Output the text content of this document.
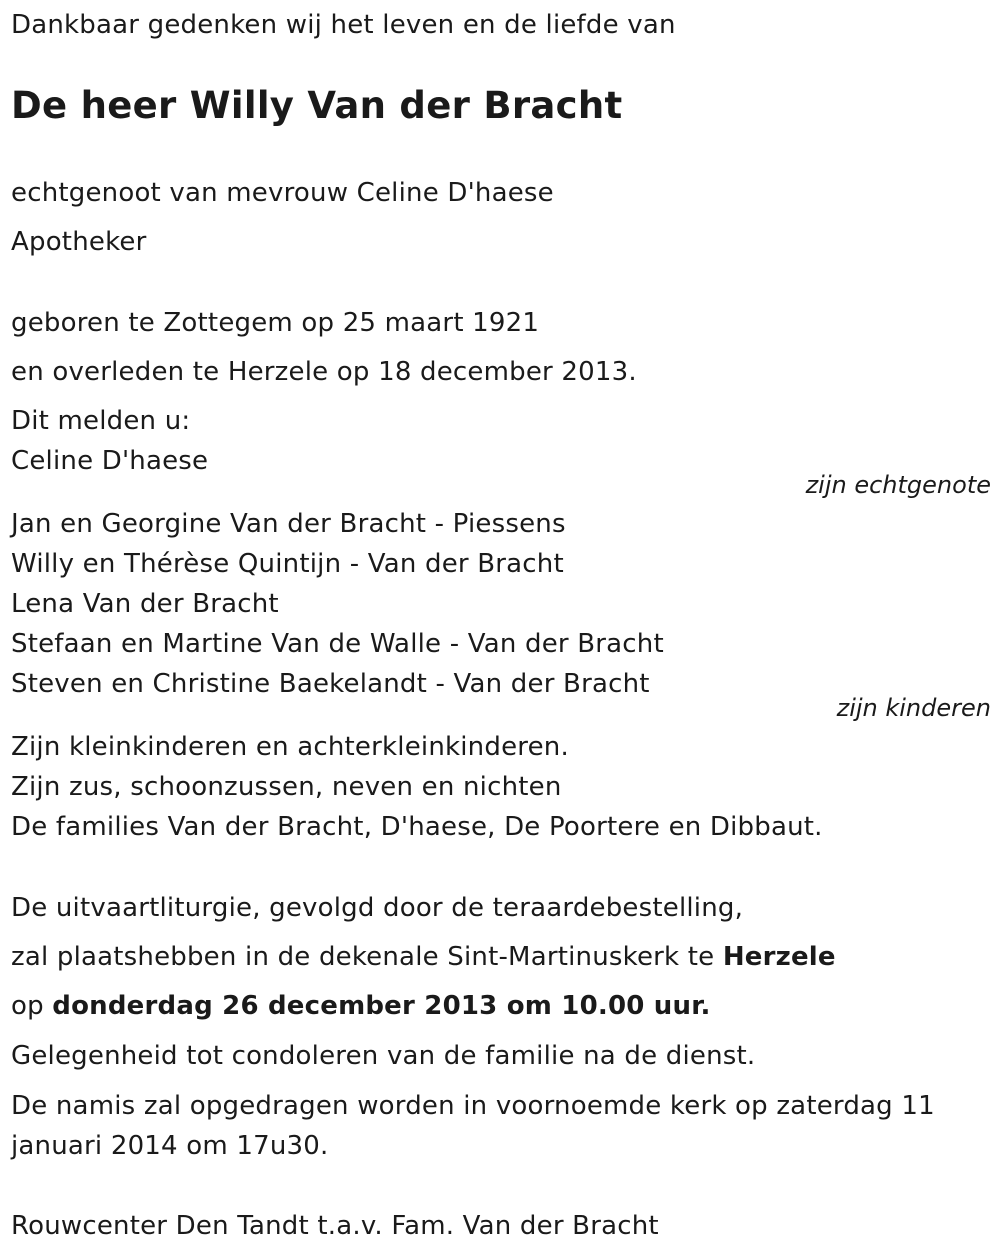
Dankbaar gedenken wij het leven en de liefde van
De heer Willy Van der Bracht
echtgenoot van mevrouw Celine D'haese
Apotheker
geboren te Zottegem op 25 maart 1921
en overleden te Herzele op 18 december 2013.
Dit melden u:
Celine D'haese
zijn echtgenote
Jan en Georgine Van der Bracht - Piessens
Willy en Thérèse Quintijn - Van der Bracht
Lena Van der Bracht
Stefaan en Martine Van de Walle - Van der Bracht
Steven en Christine Baekelandt - Van der Bracht
zijn kinderen
Zijn kleinkinderen en achterkleinkinderen.
Zijn zus, schoonzussen, neven en nichten
De families Van der Bracht, D'haese, De Poortere en Dibbaut.
De uitvaartliturgie, gevolgd door de teraardebestelling,
zal plaatshebben in de dekenale Sint-Martinuskerk te Herzele
op donderdag 26 december 2013 om 10.00 uur.
Gelegenheid tot condoleren van de familie na de dienst.
De namis zal opgedragen worden in voornoemde kerk op zaterdag 11
januari 2014 om 17u30.
Rouwcenter Den Tandt t.a.v. Fam. Van der Bracht
